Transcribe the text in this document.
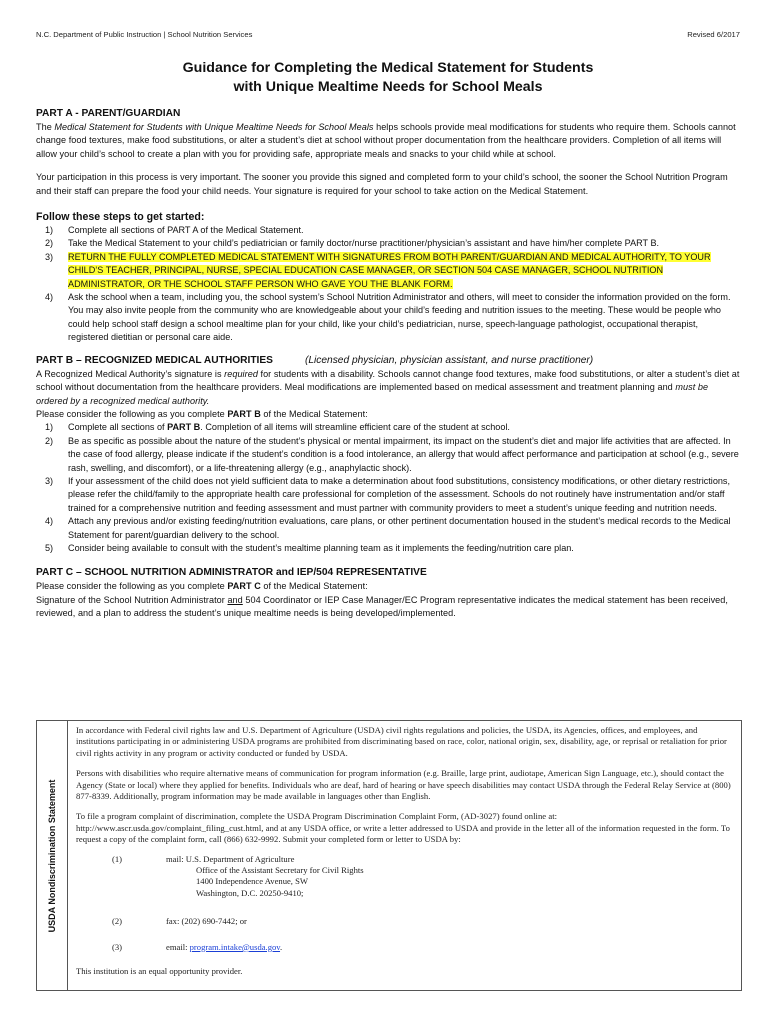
N.C. Department of Public Instruction | School Nutrition Services	Revised 6/2017
Guidance for Completing the Medical Statement for Students
with Unique Mealtime Needs for School Meals
PART A - PARENT/GUARDIAN

The Medical Statement for Students with Unique Mealtime Needs for School Meals helps schools provide meal modifications for students who require them. Schools cannot change food textures, make food substitutions, or alter a student’s diet at school without proper documentation from the healthcare providers. Completion of all items will allow your child’s school to create a plan with you for providing safe, appropriate meals and snacks to your child while at school.

Your participation in this process is very important. The sooner you provide this signed and completed form to your child’s school, the sooner the School Nutrition Program and their staff can prepare the food your child needs. Your signature is required for your school to take action on the Medical Statement.

Follow these steps to get started:
1)	Complete all sections of PART A of the Medical Statement.
2)	Take the Medical Statement to your child’s pediatrician or family doctor/nurse practitioner/physician’s assistant and have him/her complete PART B.
3)	RETURN THE FULLY COMPLETED MEDICAL STATEMENT WITH SIGNATURES FROM BOTH PARENT/GUARDIAN AND MEDICAL AUTHORITY, TO YOUR CHILD’S TEACHER, PRINCIPAL, NURSE, SPECIAL EDUCATION CASE MANAGER, OR SECTION 504 CASE MANAGER, SCHOOL NUTRITION ADMINISTRATOR, OR THE SCHOOL STAFF PERSON WHO GAVE YOU THE BLANK FORM.
4)	Ask the school when a team, including you, the school system’s School Nutrition Administrator and others, will meet to consider the information provided on the form. You may also invite people from the community who are knowledgeable about your child’s feeding and nutrition issues to the meeting. These would be people who could help school staff design a school mealtime plan for your child, like your child’s pediatrician, nurse, speech-language pathologist, occupational therapist, registered dietitian or personal care aide.
PART B – RECOGNIZED MEDICAL AUTHORITIES	(Licensed physician, physician assistant, and nurse practitioner)

A Recognized Medical Authority’s signature is required for students with a disability. Schools cannot change food textures, make food substitutions, or alter a student’s diet at school without documentation from the healthcare providers. Meal modifications are implemented based on medical assessment and treatment planning and must be ordered by a recognized medical authority.

Please consider the following as you complete PART B of the Medical Statement:

1)	Complete all sections of PART B. Completion of all items will streamline efficient care of the student at school.
2)	Be as specific as possible about the nature of the student’s physical or mental impairment, its impact on the student’s diet and major life activities that are affected. In the case of food allergy, please indicate if the student’s condition is a food intolerance, an allergy that would affect performance and participation at school (e.g., severe rash, swelling, and discomfort), or a life-threatening allergy (e.g., anaphylactic shock).
3)	If your assessment of the child does not yield sufficient data to make a determination about food substitutions, consistency modifications, or other dietary restrictions, please refer the child/family to the appropriate health care professional for completion of the assessment. Schools do not routinely have instrumentation and/or staff trained for a comprehensive nutrition and feeding assessment and must partner with community providers to meet a student’s unique feeding and nutrition needs.
4)	Attach any previous and/or existing feeding/nutrition evaluations, care plans, or other pertinent documentation housed in the student’s medical records to the Medical Statement for parent/guardian delivery to the school.
5)	Consider being available to consult with the student’s mealtime planning team as it implements the feeding/nutrition care plan.
PART C – SCHOOL NUTRITION ADMINISTRATOR and IEP/504 REPRESENTATIVE

Please consider the following as you complete PART C of the Medical Statement:

Signature of the School Nutrition Administrator and 504 Coordinator or IEP Case Manager/EC Program representative indicates the medical statement has been received, reviewed, and a plan to address the student’s unique mealtime needs is being developed/implemented.

USDA Nondiscrimination Statement

In accordance with Federal civil rights law and U.S. Department of Agriculture (USDA) civil rights regulations and policies, the USDA, its Agencies, offices, and employees, and institutions participating in or administering USDA programs are prohibited from discriminating based on race, color, national origin, sex, disability, age, or reprisal or retaliation for prior civil rights activity in any program or activity conducted or funded by USDA.

Persons with disabilities who require alternative means of communication for program information (e.g. Braille, large print, audiotape, American Sign Language, etc.), should contact the Agency (State or local) where they applied for benefits. Individuals who are deaf, hard of hearing or have speech disabilities may contact USDA through the Federal Relay Service at (800) 877-8339. Additionally, program information may be made available in languages other than English.

To file a program complaint of discrimination, complete the USDA Program Discrimination Complaint Form, (AD-3027) found online at: http://www.ascr.usda.gov/complaint_filing_cust.html, and at any USDA office, or write a letter addressed to USDA and provide in the letter all of the information requested in the form. To request a copy of the complaint form, call (866) 632-9992. Submit your completed form or letter to USDA by:

(1)	mail: U.S. Department of Agriculture
Office of the Assistant Secretary for Civil Rights
1400 Independence Avenue, SW
Washington, D.C. 20250-9410;
(2)	fax: (202) 690-7442; or
(3)	email: program.intake@usda.gov.
This institution is an equal opportunity provider.
